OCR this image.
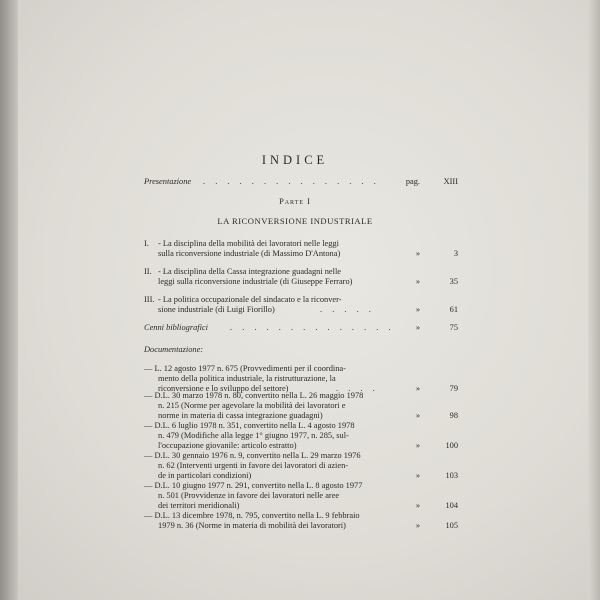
INDICE
Presentazione . . . . . . . . . . . . . . .	pag.	XIII
Parte I
LA RICONVERSIONE INDUSTRIALE
I.	- La disciplina della mobilità dei lavoratori nelle leggi
sulla riconversione industriale (di Massimo D'Antona)	»	3
II. - La disciplina della Cassa integrazione guadagni nelle
leggi sulla riconversione industriale (di Giuseppe Ferraro)	»	35
III. - La politica occupazionale del sindacato e la riconver-
sione industriale (di Luigi Fiorillo)	. . . . .	»	61
Cenni bibliografici	. . . . . . . . . . . . . .	»	75
Documentazione:
— L. 12 agosto 1977 n. 675 (Provvedimenti per il coordina-
mento della politica industriale, la ristrutturazione, la
riconversione e lo sviluppo del settore)	. . . .	»	79
— D.L. 30 marzo 1978 n. 80, convertito nella L. 26 maggio 1978
n. 215 (Norme per agevolare la mobilità dei lavoratori e
norme in materia di cassa integrazione guadagni)	»	98
— D.L. 6 luglio 1978 n. 351, convertito nella L. 4 agosto 1978
n. 479 (Modifiche alla legge 1° giugno 1977, n. 285, sul-
l'occupazione giovanile: articolo estratto)	»	100
— D.L. 30 gennaio 1976 n. 9, convertito nella L. 29 marzo 1976
n. 62 (Interventi urgenti in favore dei lavoratori di azien-
de in particolari condizioni)	»	103
— D.L. 10 giugno 1977 n. 291, convertito nella L. 8 agosto 1977
n. 501 (Provvidenze in favore dei lavoratori nelle aree
dei territori meridionali)	»	104
— D.L. 13 dicembre 1978, n. 795, convertito nella L. 9 febbraio
1979 n. 36 (Norme in materia di mobilità dei lavoratori)	»	105
